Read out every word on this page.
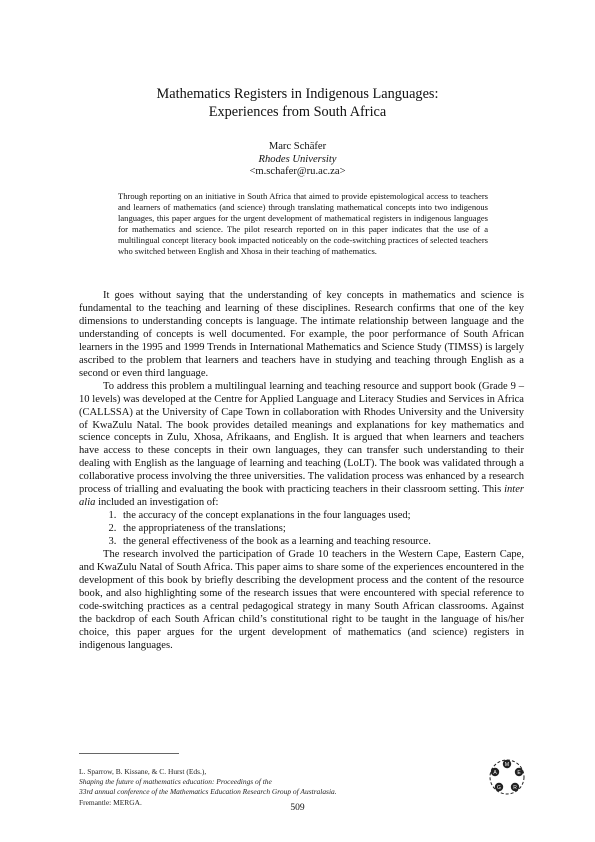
Mathematics Registers in Indigenous Languages:
Experiences from South Africa
Marc Schäfer
Rhodes University
<m.schafer@ru.ac.za>

Through reporting on an initiative in South Africa that aimed to provide epistemological access to teachers and learners of mathematics (and science) through translating mathematical concepts into two indigenous languages, this paper argues for the urgent development of mathematical registers in indigenous languages for mathematics and science. The pilot research reported on in this paper indicates that the use of a multilingual concept literacy book impacted noticeably on the code-switching practices of selected teachers who switched between English and Xhosa in their teaching of mathematics.

It goes without saying that the understanding of key concepts in mathematics and science is fundamental to the teaching and learning of these disciplines. Research confirms that one of the key dimensions to understanding concepts is language. The intimate relationship between language and the understanding of concepts is well documented. For example, the poor performance of South African learners in the 1995 and 1999 Trends in International Mathematics and Science Study (TIMSS) is largely ascribed to the problem that learners and teachers have in studying and teaching through English as a second or even third language.

To address this problem a multilingual learning and teaching resource and support book (Grade 9 – 10 levels) was developed at the Centre for Applied Language and Literacy Studies and Services in Africa (CALLSSA) at the University of Cape Town in collaboration with Rhodes University and the University of KwaZulu Natal. The book provides detailed meanings and explanations for key mathematics and science concepts in Zulu, Xhosa, Afrikaans, and English. It is argued that when learners and teachers have access to these concepts in their own languages, they can transfer such understanding to their dealing with English as the language of learning and teaching (LoLT). The book was validated through a collaborative process involving the three universities. The validation process was enhanced by a research process of trialling and evaluating the book with practicing teachers in their classroom setting. This inter alia included an investigation of:

1. the accuracy of the concept explanations in the four languages used;
2. the appropriateness of the translations;
3. the general effectiveness of the book as a learning and teaching resource.

The research involved the participation of Grade 10 teachers in the Western Cape, Eastern Cape, and KwaZulu Natal of South Africa. This paper aims to share some of the experiences encountered in the development of this book by briefly describing the development process and the content of the resource book, and also highlighting some of the research issues that were encountered with special reference to code-switching practices as a central pedagogical strategy in many South African classrooms. Against the backdrop of each South African child’s constitutional right to be taught in the language of his/her choice, this paper argues for the urgent development of mathematics (and science) registers in indigenous languages.

L. Sparrow, B. Kissane, & C. Hurst (Eds.),
Shaping the future of mathematics education: Proceedings of the
33rd annual conference of the Mathematics Education Research Group of Australasia.
Fremantle: MERGA.
M
E
R
G
A
509
